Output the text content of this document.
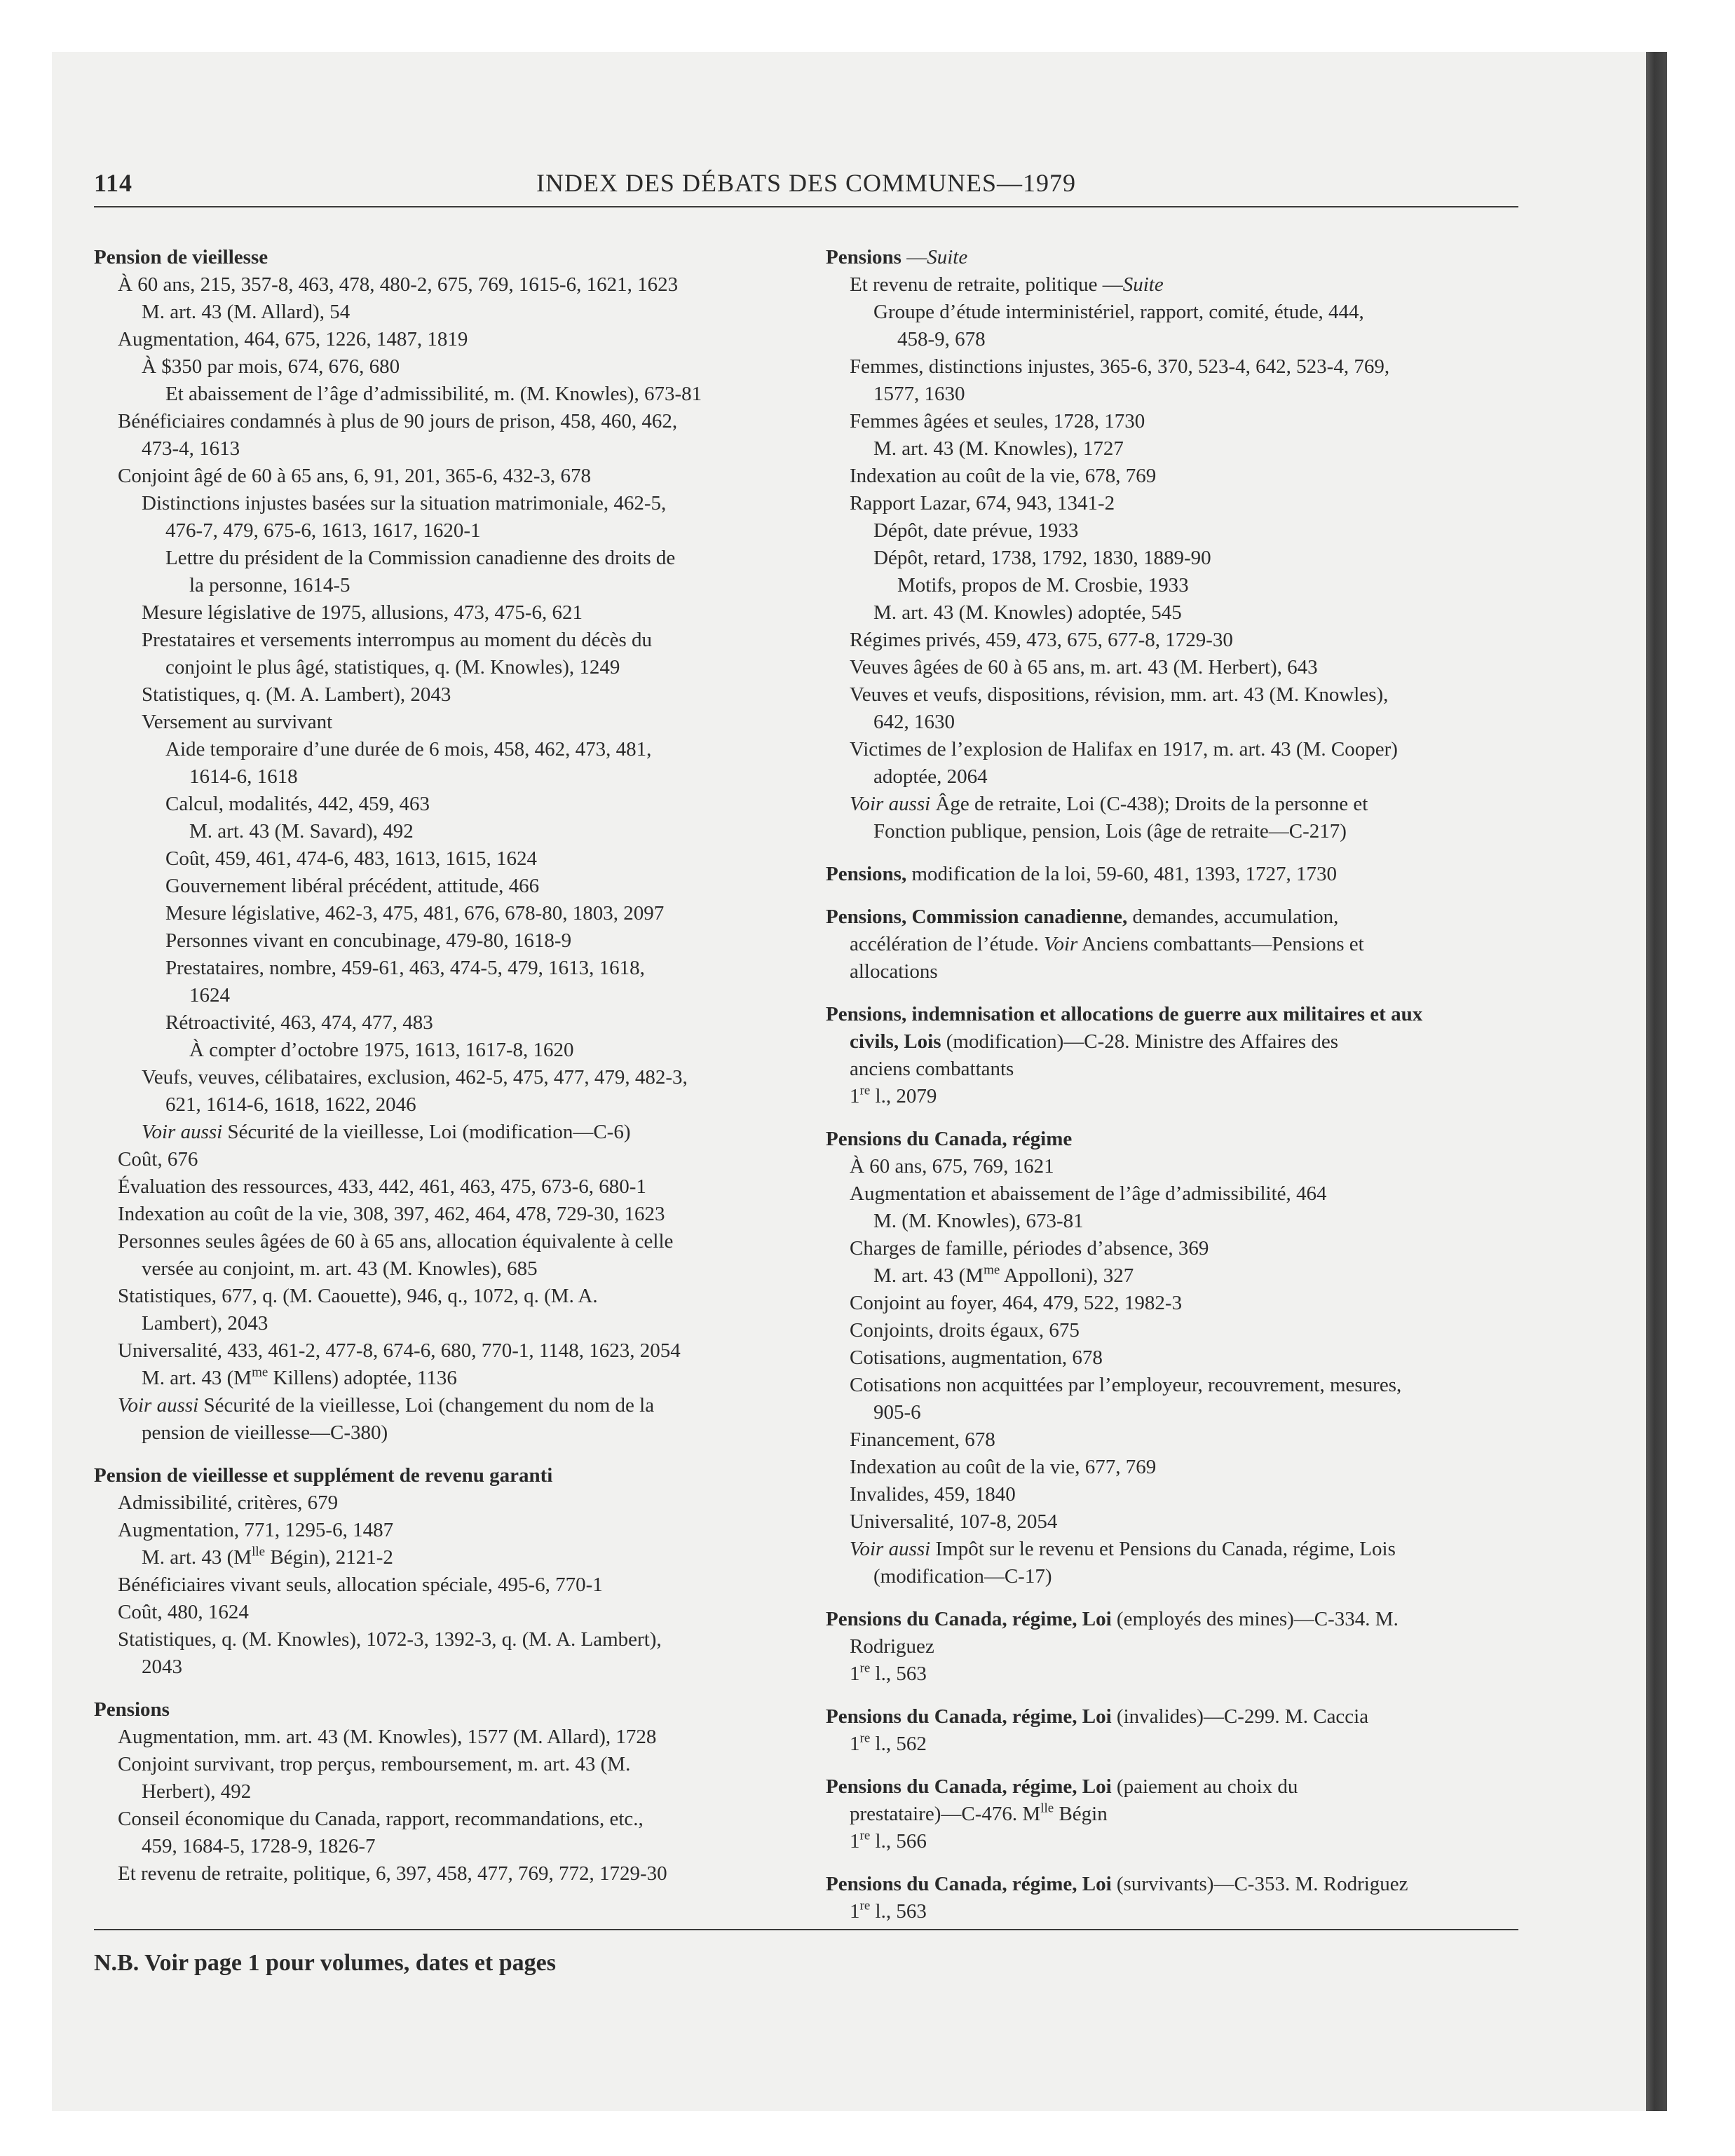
114	INDEX DES DÉBATS DES COMMUNES—1979
Pension de vieillesse
À 60 ans, 215, 357-8, 463, 478, 480-2, 675, 769, 1615-6, 1621, 1623
M. art. 43 (M. Allard), 54
Augmentation, 464, 675, 1226, 1487, 1819
À $350 par mois, 674, 676, 680
Et abaissement de l’âge d’admissibilité, m. (M. Knowles), 673-81
Bénéficiaires condamnés à plus de 90 jours de prison, 458, 460, 462,
473-4, 1613
Conjoint âgé de 60 à 65 ans, 6, 91, 201, 365-6, 432-3, 678
Distinctions injustes basées sur la situation matrimoniale, 462-5,
476-7, 479, 675-6, 1613, 1617, 1620-1
Lettre du président de la Commission canadienne des droits de
la personne, 1614-5
Mesure législative de 1975, allusions, 473, 475-6, 621
Prestataires et versements interrompus au moment du décès du
conjoint le plus âgé, statistiques, q. (M. Knowles), 1249
Statistiques, q. (M. A. Lambert), 2043
Versement au survivant
Aide temporaire d’une durée de 6 mois, 458, 462, 473, 481,
1614-6, 1618
Calcul, modalités, 442, 459, 463
M. art. 43 (M. Savard), 492
Coût, 459, 461, 474-6, 483, 1613, 1615, 1624
Gouvernement libéral précédent, attitude, 466
Mesure législative, 462-3, 475, 481, 676, 678-80, 1803, 2097
Personnes vivant en concubinage, 479-80, 1618-9
Prestataires, nombre, 459-61, 463, 474-5, 479, 1613, 1618,
1624
Rétroactivité, 463, 474, 477, 483
À compter d’octobre 1975, 1613, 1617-8, 1620
Veufs, veuves, célibataires, exclusion, 462-5, 475, 477, 479, 482-3,
621, 1614-6, 1618, 1622, 2046
Voir aussi Sécurité de la vieillesse, Loi (modification—C-6)
Coût, 676
Évaluation des ressources, 433, 442, 461, 463, 475, 673-6, 680-1
Indexation au coût de la vie, 308, 397, 462, 464, 478, 729-30, 1623
Personnes seules âgées de 60 à 65 ans, allocation équivalente à celle
versée au conjoint, m. art. 43 (M. Knowles), 685
Statistiques, 677, q. (M. Caouette), 946, q., 1072, q. (M. A.
Lambert), 2043
Universalité, 433, 461-2, 477-8, 674-6, 680, 770-1, 1148, 1623, 2054
M. art. 43 ($M^{me}$ Killens) adoptée, 1136
Voir aussi Sécurité de la vieillesse, Loi (changement du nom de la
pension de vieillesse—C-380)
Pension de vieillesse et supplément de revenu garanti
Admissibilité, critères, 679
Augmentation, 771, 1295-6, 1487
M. art. 43 ($M^{lle}$ Bégin), 2121-2
Bénéficiaires vivant seuls, allocation spéciale, 495-6, 770-1
Coût, 480, 1624
Statistiques, q. (M. Knowles), 1072-3, 1392-3, q. (M. A. Lambert),
2043
Pensions
Augmentation, mm. art. 43 (M. Knowles), 1577 (M. Allard), 1728
Conjoint survivant, trop perçus, remboursement, m. art. 43 (M.
Herbert), 492
Conseil économique du Canada, rapport, recommandations, etc.,
459, 1684-5, 1728-9, 1826-7
Et revenu de retraite, politique, 6, 397, 458, 477, 769, 772, 1729-30
Pensions —Suite
Et revenu de retraite, politique —Suite
Groupe d’étude interministériel, rapport, comité, étude, 444,
458-9, 678
Femmes, distinctions injustes, 365-6, 370, 523-4, 642, 523-4, 769,
1577, 1630
Femmes âgées et seules, 1728, 1730
M. art. 43 (M. Knowles), 1727
Indexation au coût de la vie, 678, 769
Rapport Lazar, 674, 943, 1341-2
Dépôt, date prévue, 1933
Dépôt, retard, 1738, 1792, 1830, 1889-90
Motifs, propos de M. Crosbie, 1933
M. art. 43 (M. Knowles) adoptée, 545
Régimes privés, 459, 473, 675, 677-8, 1729-30
Veuves âgées de 60 à 65 ans, m. art. 43 (M. Herbert), 643
Veuves et veufs, dispositions, révision, mm. art. 43 (M. Knowles),
642, 1630
Victimes de l’explosion de Halifax en 1917, m. art. 43 (M. Cooper)
adoptée, 2064
Voir aussi Âge de retraite, Loi (C-438); Droits de la personne et
Fonction publique, pension, Lois (âge de retraite—C-217)
Pensions, modification de la loi, 59-60, 481, 1393, 1727, 1730
Pensions, Commission canadienne, demandes, accumulation,
accélération de l’étude. Voir Anciens combattants—Pensions et
allocations
Pensions, indemnisation et allocations de guerre aux militaires et aux
civils, Lois (modification)—C-28. Ministre des Affaires des
anciens combattants
1re l., 2079
Pensions du Canada, régime
À 60 ans, 675, 769, 1621
Augmentation et abaissement de l’âge d’admissibilité, 464
M. (M. Knowles), 673-81
Charges de famille, périodes d’absence, 369
M. art. 43 ($M^{me}$ Appolloni), 327
Conjoint au foyer, 464, 479, 522, 1982-3
Conjoints, droits égaux, 675
Cotisations, augmentation, 678
Cotisations non acquittées par l’employeur, recouvrement, mesures,
905-6
Financement, 678
Indexation au coût de la vie, 677, 769
Invalides, 459, 1840
Universalité, 107-8, 2054
Voir aussi Impôt sur le revenu et Pensions du Canada, régime, Lois
(modification—C-17)
Pensions du Canada, régime, Loi (employés des mines)—C-334. M.
Rodriguez
1re l., 563
Pensions du Canada, régime, Loi (invalides)—C-299. M. Caccia
1re l., 562
Pensions du Canada, régime, Loi (paiement au choix du
prestataire)—C-476. $M^{lle}$ Bégin
1re l., 566
Pensions du Canada, régime, Loi (survivants)—C-353. M. Rodriguez
1re l., 563
N.B. Voir page 1 pour volumes, dates et pages
